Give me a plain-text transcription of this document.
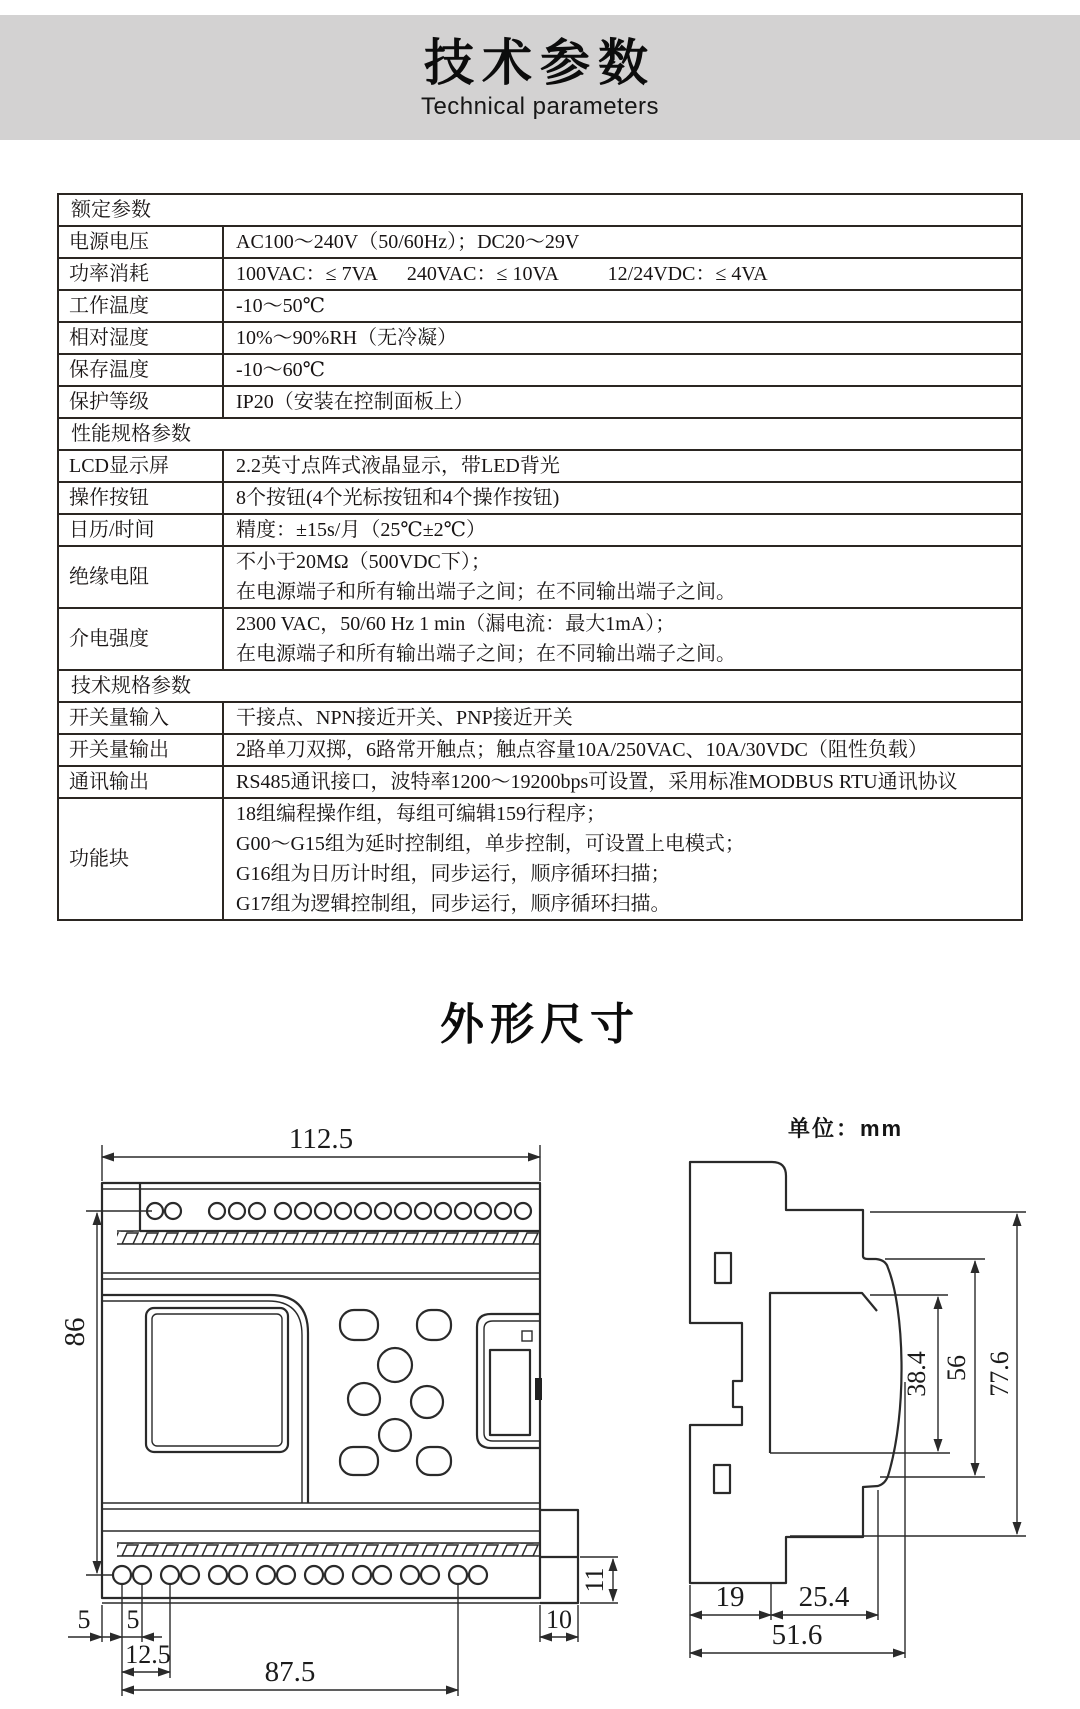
技术参数
Technical parameters
额定参数	
电源电压	AC100～240V（50/60Hz）；DC20～29V
功率消耗	100VAC：≤ 7VA      240VAC：≤ 10VA          12/24VDC：≤ 4VA
工作温度	-10～50℃
相对湿度	10%～90%RH（无冷凝）
保存温度	-10～60℃
保护等级	IP20（安装在控制面板上）
性能规格参数	
LCD显示屏	2.2英寸点阵式液晶显示，带LED背光
操作按钮	8个按钮(4个光标按钮和4个操作按钮)
日历/时间	精度：±15s/月（25℃±2℃）
绝缘电阻	不小于20MΩ（500VDC下）；
在电源端子和所有输出端子之间；在不同输出端子之间。

介电强度	2300 VAC，50/60 Hz 1 min（漏电流：最大1mA）；
在电源端子和所有输出端子之间；在不同输出端子之间。

技术规格参数	
开关量输入	干接点、NPN接近开关、PNP接近开关
开关量输出	2路单刀双掷，6路常开触点；触点容量10A/250VAC、10A/30VDC（阻性负载）
通讯输出	RS485通讯接口，波特率1200～19200bps可设置，采用标准MODBUS RTU通讯协议
功能块	18组编程操作组，每组可编辑159行程序；
G00～G15组为延时控制组，单步控制，可设置上电模式；
G16组为日历计时组，同步运行，顺序循环扫描；
G17组为逻辑控制组，同步运行，顺序循环扫描。
外形尺寸
单位：mm
112.5
86
5 5
12.5
87.5
10
11
38.4 56 77.6
19 25.4
51.6
